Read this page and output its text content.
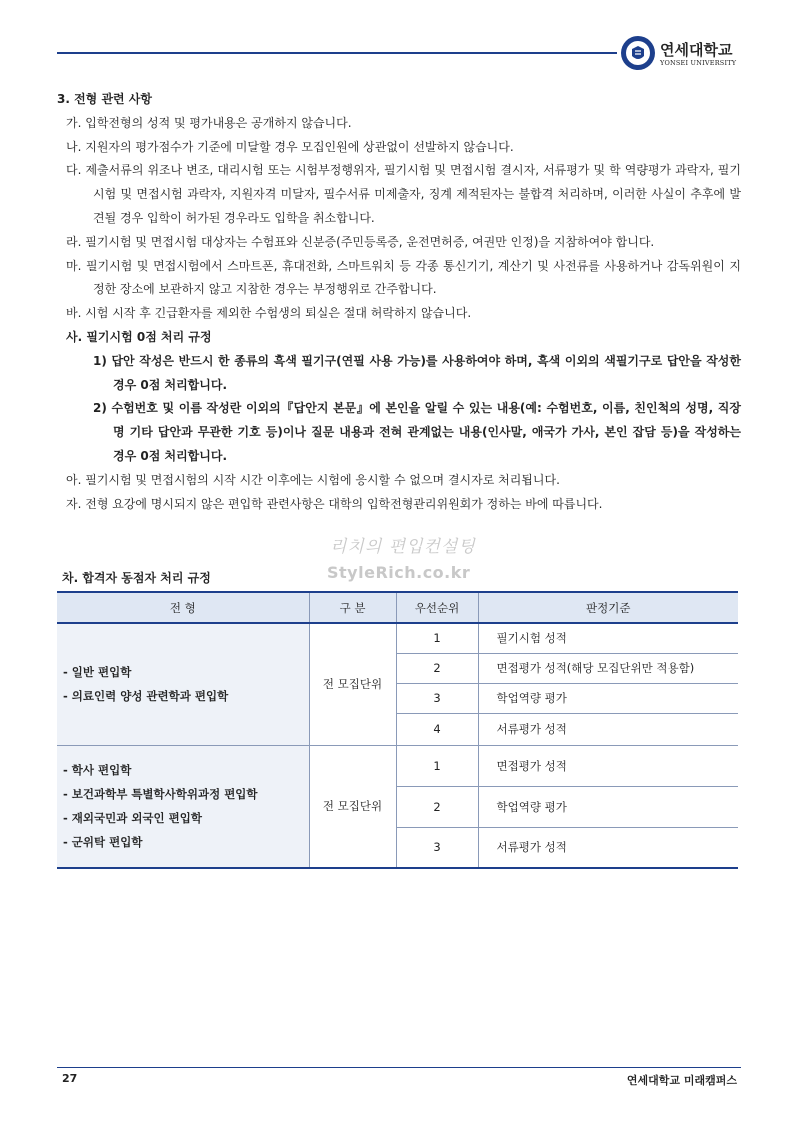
연세대학교
YONSEI UNIVERSITY
3. 전형 관련 사항
가. 입학전형의 성적 및 평가내용은 공개하지 않습니다.
나. 지원자의 평가점수가 기준에 미달할 경우 모집인원에 상관없이 선발하지 않습니다.
다. 제출서류의 위조나 변조, 대리시험 또는 시험부정행위자, 필기시험 및 면접시험 결시자, 서류평가 및 학 역량평가 과락자, 필기시험 및 면접시험 과락자, 지원자격 미달자, 필수서류 미제출자, 징계 제적된자는 불합격 처리하며, 이러한 사실이 추후에 발견될 경우 입학이 허가된 경우라도 입학을 취소합니다.
라. 필기시험 및 면접시험 대상자는 수험표와 신분증(주민등록증, 운전면허증, 여권만 인정)을 지참하여야 합니다.
마. 필기시험 및 면접시험에서 스마트폰, 휴대전화, 스마트워치 등 각종 통신기기, 계산기 및 사전류를 사용하거나 감독위원이 지정한 장소에 보관하지 않고 지참한 경우는 부정행위로 간주합니다.
바. 시험 시작 후 긴급환자를 제외한 수험생의 퇴실은 절대 허락하지 않습니다.
사. 필기시험 0점 처리 규정
1) 답안 작성은 반드시 한 종류의 흑색 필기구(연필 사용 가능)를 사용하여야 하며, 흑색 이외의 색필기구로 답안을 작성한 경우 0점 처리합니다.
2) 수험번호 및 이름 작성란 이외의『답안지 본문』에 본인을 알릴 수 있는 내용(예: 수험번호, 이름, 친인척의 성명, 직장명 기타 답안과 무관한 기호 등)이나 질문 내용과 전혀 관계없는 내용(인사말, 애국가 가사, 본인 잡담 등)을 작성하는 경우 0점 처리합니다.
아. 필기시험 및 면접시험의 시작 시간 이후에는 시험에 응시할 수 없으며 결시자로 처리됩니다.
자. 전형 요강에 명시되지 않은 편입학 관련사항은 대학의 입학전형관리위원회가 정하는 바에 따릅니다.
리치의 편입컨설팅
StyleRich.co.kr
차. 합격자 동점자 처리 규정
전 형	구 분	우선순위	판정기준

- 일반 편입학
- 의료인력 양성 관련학과 편입학	전 모집단위	1	필기시험 성적
		2	면접평가 성적(해당 모집단위만 적용함)
		3	학업역량 평가
		4	서류평가 성적

- 학사 편입학
- 보건과학부 특별학사학위과정 편입학
- 재외국민과 외국인 편입학
- 군위탁 편입학	전 모집단위	1	면접평가 성적
		2	학업역량 평가
		3	서류평가 성적
27	연세대학교 미래캠퍼스
